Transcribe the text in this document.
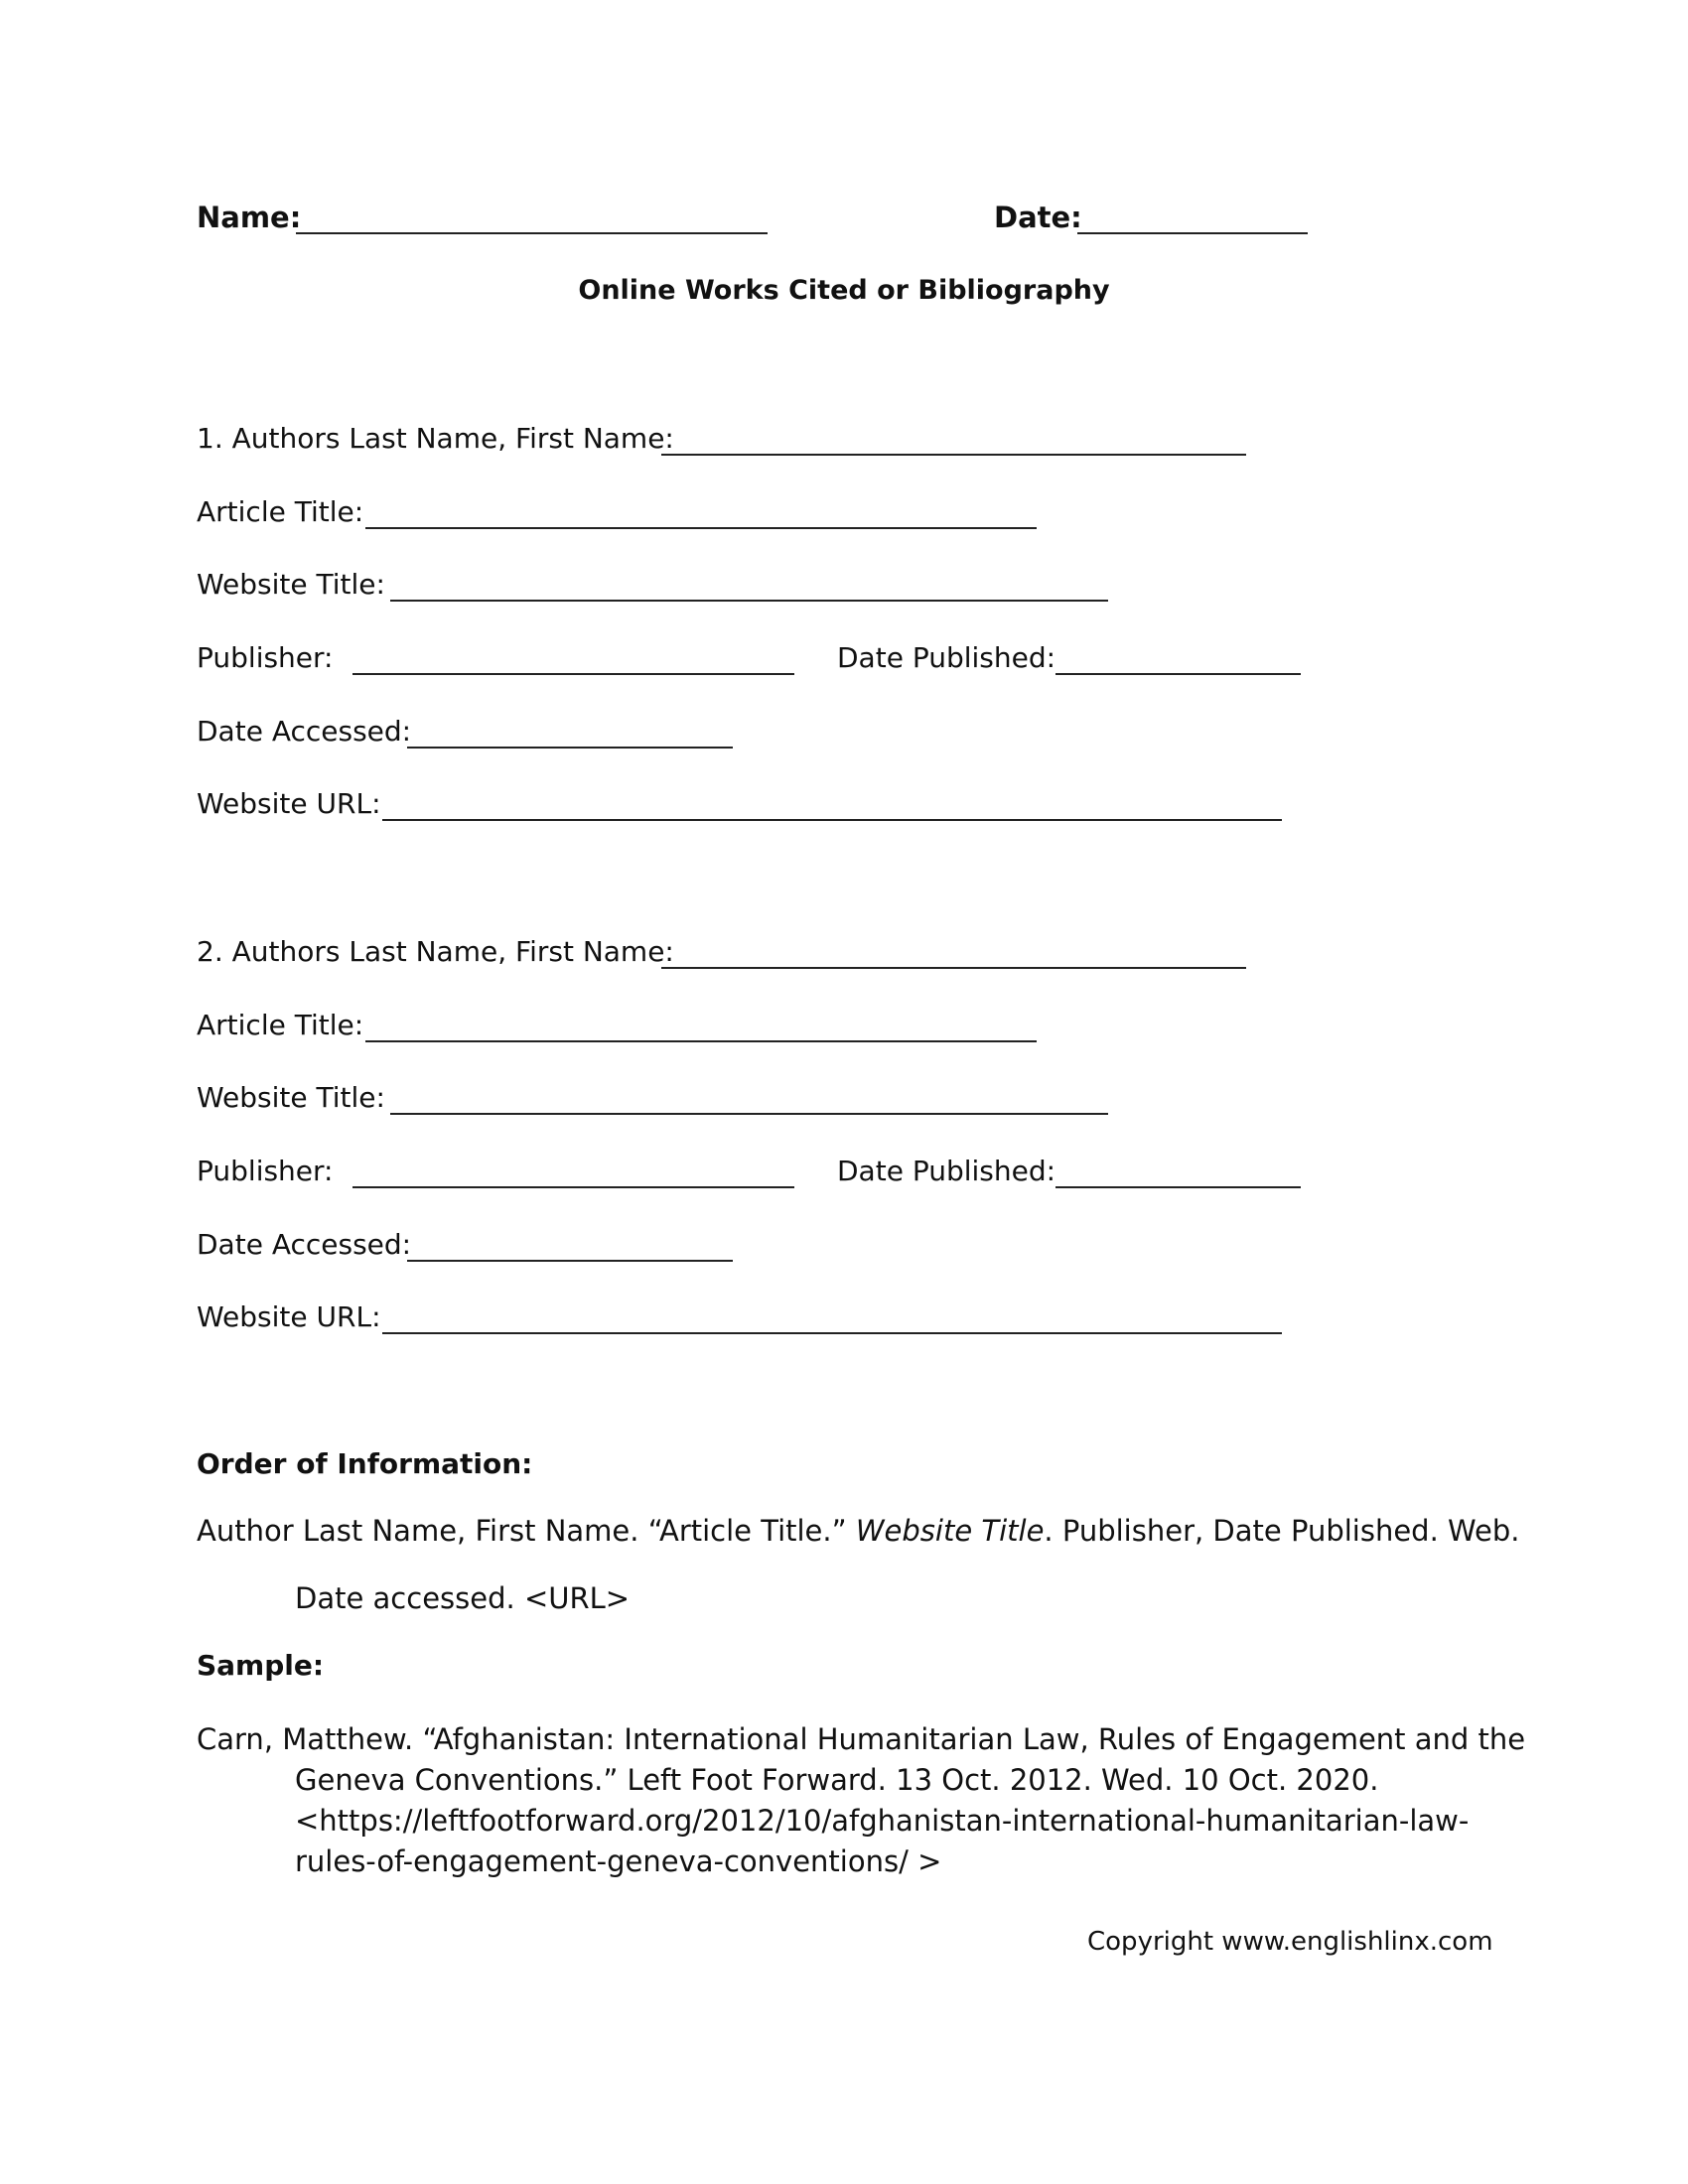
Name:	Date:
Online Works Cited or Bibliography
1. Authors Last Name, First Name:
Article Title:
Website Title:
Publisher:	Date Published:
Date Accessed:
Website URL:
2. Authors Last Name, First Name:
Article Title:
Website Title:
Publisher:	Date Published:
Date Accessed:
Website URL:
Order of Information:
Author Last Name, First Name. “Article Title.” Website Title. Publisher, Date Published. Web.
Date accessed. <URL>
Sample:
Carn, Matthew. “Afghanistan: International Humanitarian Law, Rules of Engagement and the
Geneva Conventions.” Left Foot Forward. 13 Oct. 2012. Wed. 10 Oct. 2020.
<https://leftfootforward.org/2012/10/afghanistan-international-humanitarian-law-
rules-of-engagement-geneva-conventions/ >
Copyright www.englishlinx.com
